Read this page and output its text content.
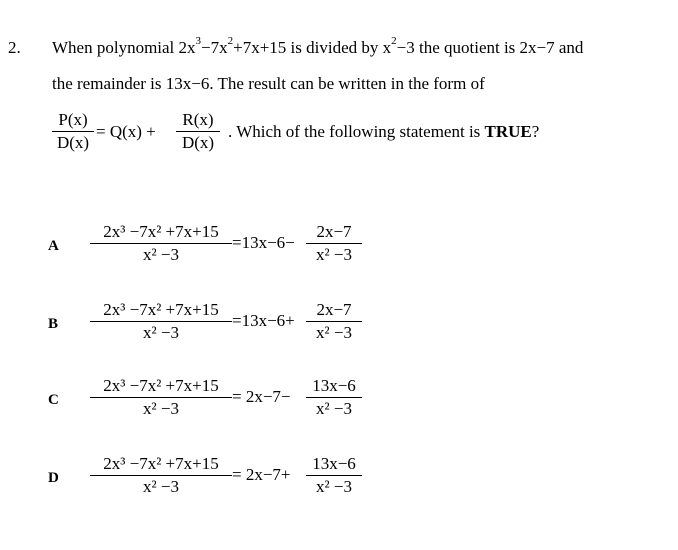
2. When polynomial $2x^3-7x^2+7x+15$ is divided by $x^2-3$ the quotient is 2x−7 and
the remainder is 13x−6. The result can be written in the form of
P(x)
D(x)
= Q(x) +
R(x)
D(x)
. Which of the following statement is TRUE?
A
2x³ −7x² +7x+15
x² −3
=13x−6−
2x−7
x² −3
B
2x³ −7x² +7x+15
x² −3
=13x−6+
2x−7
x² −3
C
2x³ −7x² +7x+15
x² −3
= 2x−7−
13x−6
x² −3
D
2x³ −7x² +7x+15
x² −3
= 2x−7+
13x−6
x² −3
